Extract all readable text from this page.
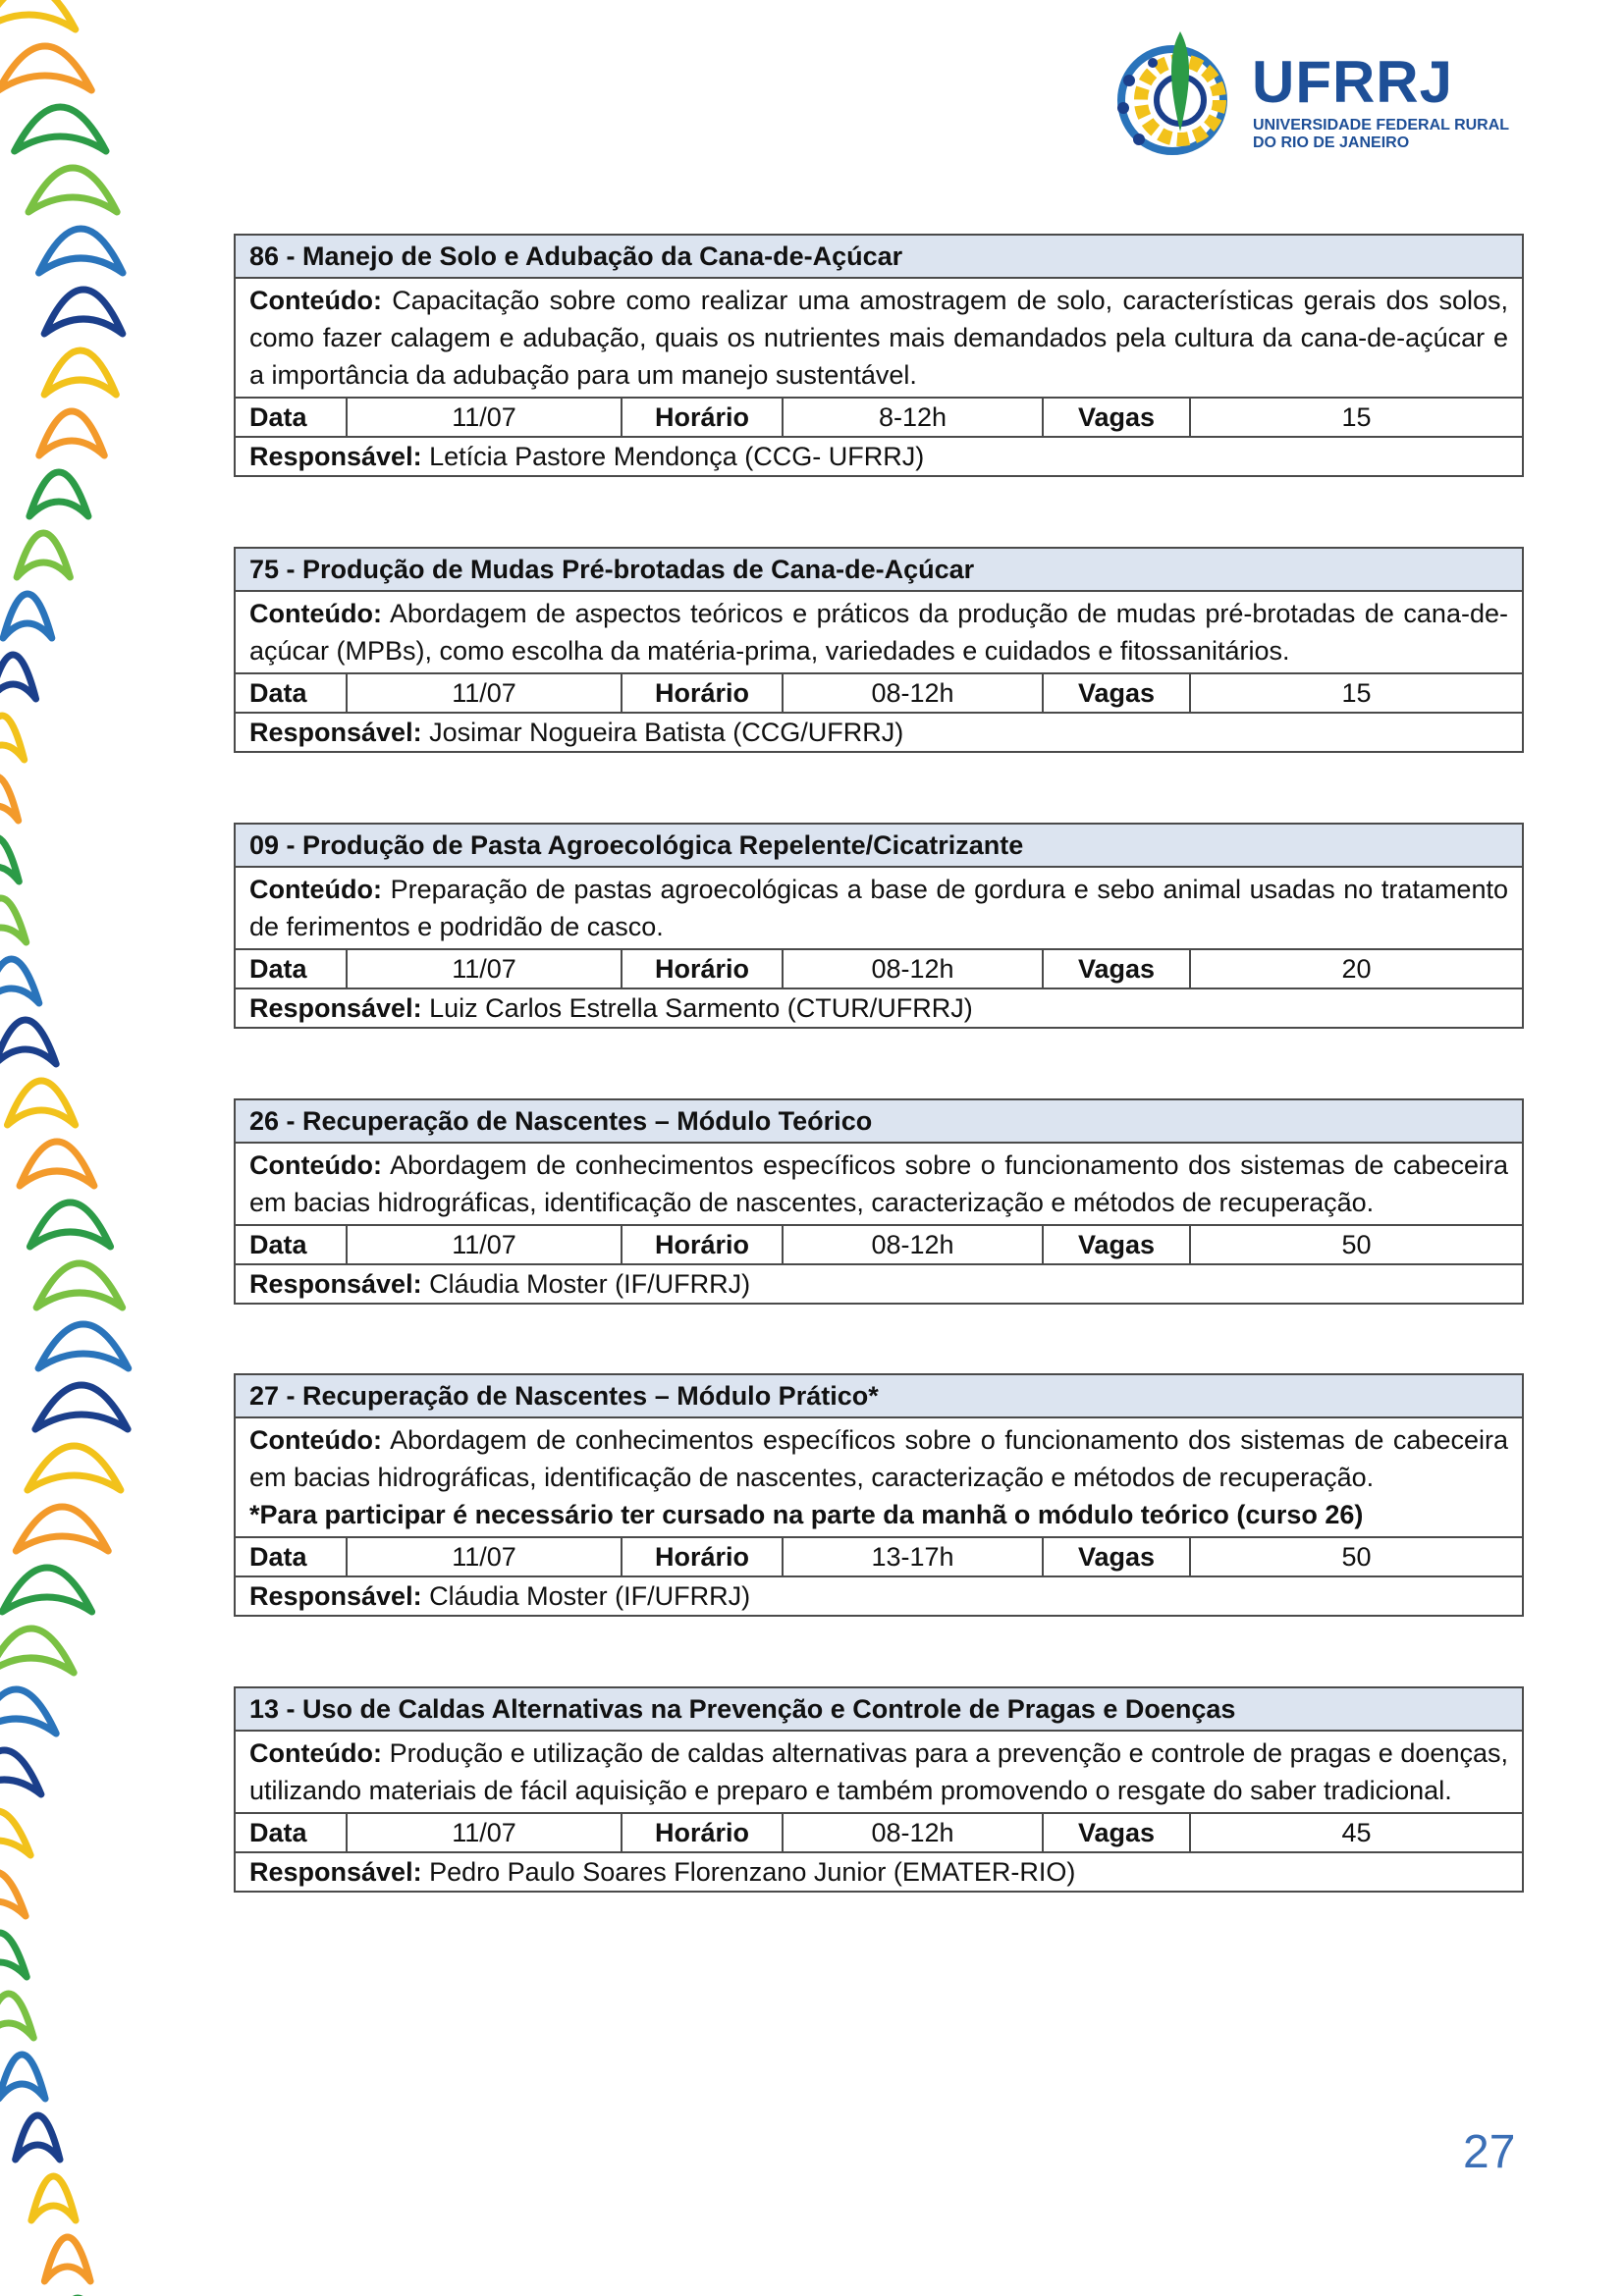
UFRRJ
UNIVERSIDADE FEDERAL RURAL
DO RIO DE JANEIRO
86 - Manejo de Solo e Adubação da Cana-de-Açúcar
Conteúdo: Capacitação sobre como realizar uma amostragem de solo, características gerais dos solos, como fazer calagem e adubação, quais os nutrientes mais demandados pela cultura da cana-de-açúcar e a importância da adubação para um manejo sustentável.
Data	11/07	Horário	8-12h	Vagas	15
Responsável: Letícia Pastore Mendonça (CCG- UFRRJ)
75 - Produção de Mudas Pré-brotadas de Cana-de-Açúcar
Conteúdo: Abordagem de aspectos teóricos e práticos da produção de mudas pré-brotadas de cana-de-açúcar (MPBs), como escolha da matéria-prima, variedades e cuidados e fitossanitários.
Data	11/07	Horário	08-12h	Vagas	15
Responsável: Josimar Nogueira Batista (CCG/UFRRJ)
09 - Produção de Pasta Agroecológica Repelente/Cicatrizante
Conteúdo: Preparação de pastas agroecológicas a base de gordura e sebo animal usadas no tratamento de ferimentos e podridão de casco.
Data	11/07	Horário	08-12h	Vagas	20
Responsável: Luiz Carlos Estrella Sarmento (CTUR/UFRRJ)
26 - Recuperação de Nascentes – Módulo Teórico
Conteúdo: Abordagem de conhecimentos específicos sobre o funcionamento dos sistemas de cabeceira em bacias hidrográficas, identificação de nascentes, caracterização e métodos de recuperação.
Data	11/07	Horário	08-12h	Vagas	50
Responsável: Cláudia Moster (IF/UFRRJ)
27 - Recuperação de Nascentes – Módulo Prático*
Conteúdo: Abordagem de conhecimentos específicos sobre o funcionamento dos sistemas de cabeceira em bacias hidrográficas, identificação de nascentes, caracterização e métodos de recuperação.
*Para participar é necessário ter cursado na parte da manhã o módulo teórico (curso 26)
Data	11/07	Horário	13-17h	Vagas	50
Responsável: Cláudia Moster (IF/UFRRJ)
13 - Uso de Caldas Alternativas na Prevenção e Controle de Pragas e Doenças
Conteúdo: Produção e utilização de caldas alternativas para a prevenção e controle de pragas e doenças, utilizando materiais de fácil aquisição e preparo e também promovendo o resgate do saber tradicional.
Data	11/07	Horário	08-12h	Vagas	45
Responsável: Pedro Paulo Soares Florenzano Junior (EMATER-RIO)
27
